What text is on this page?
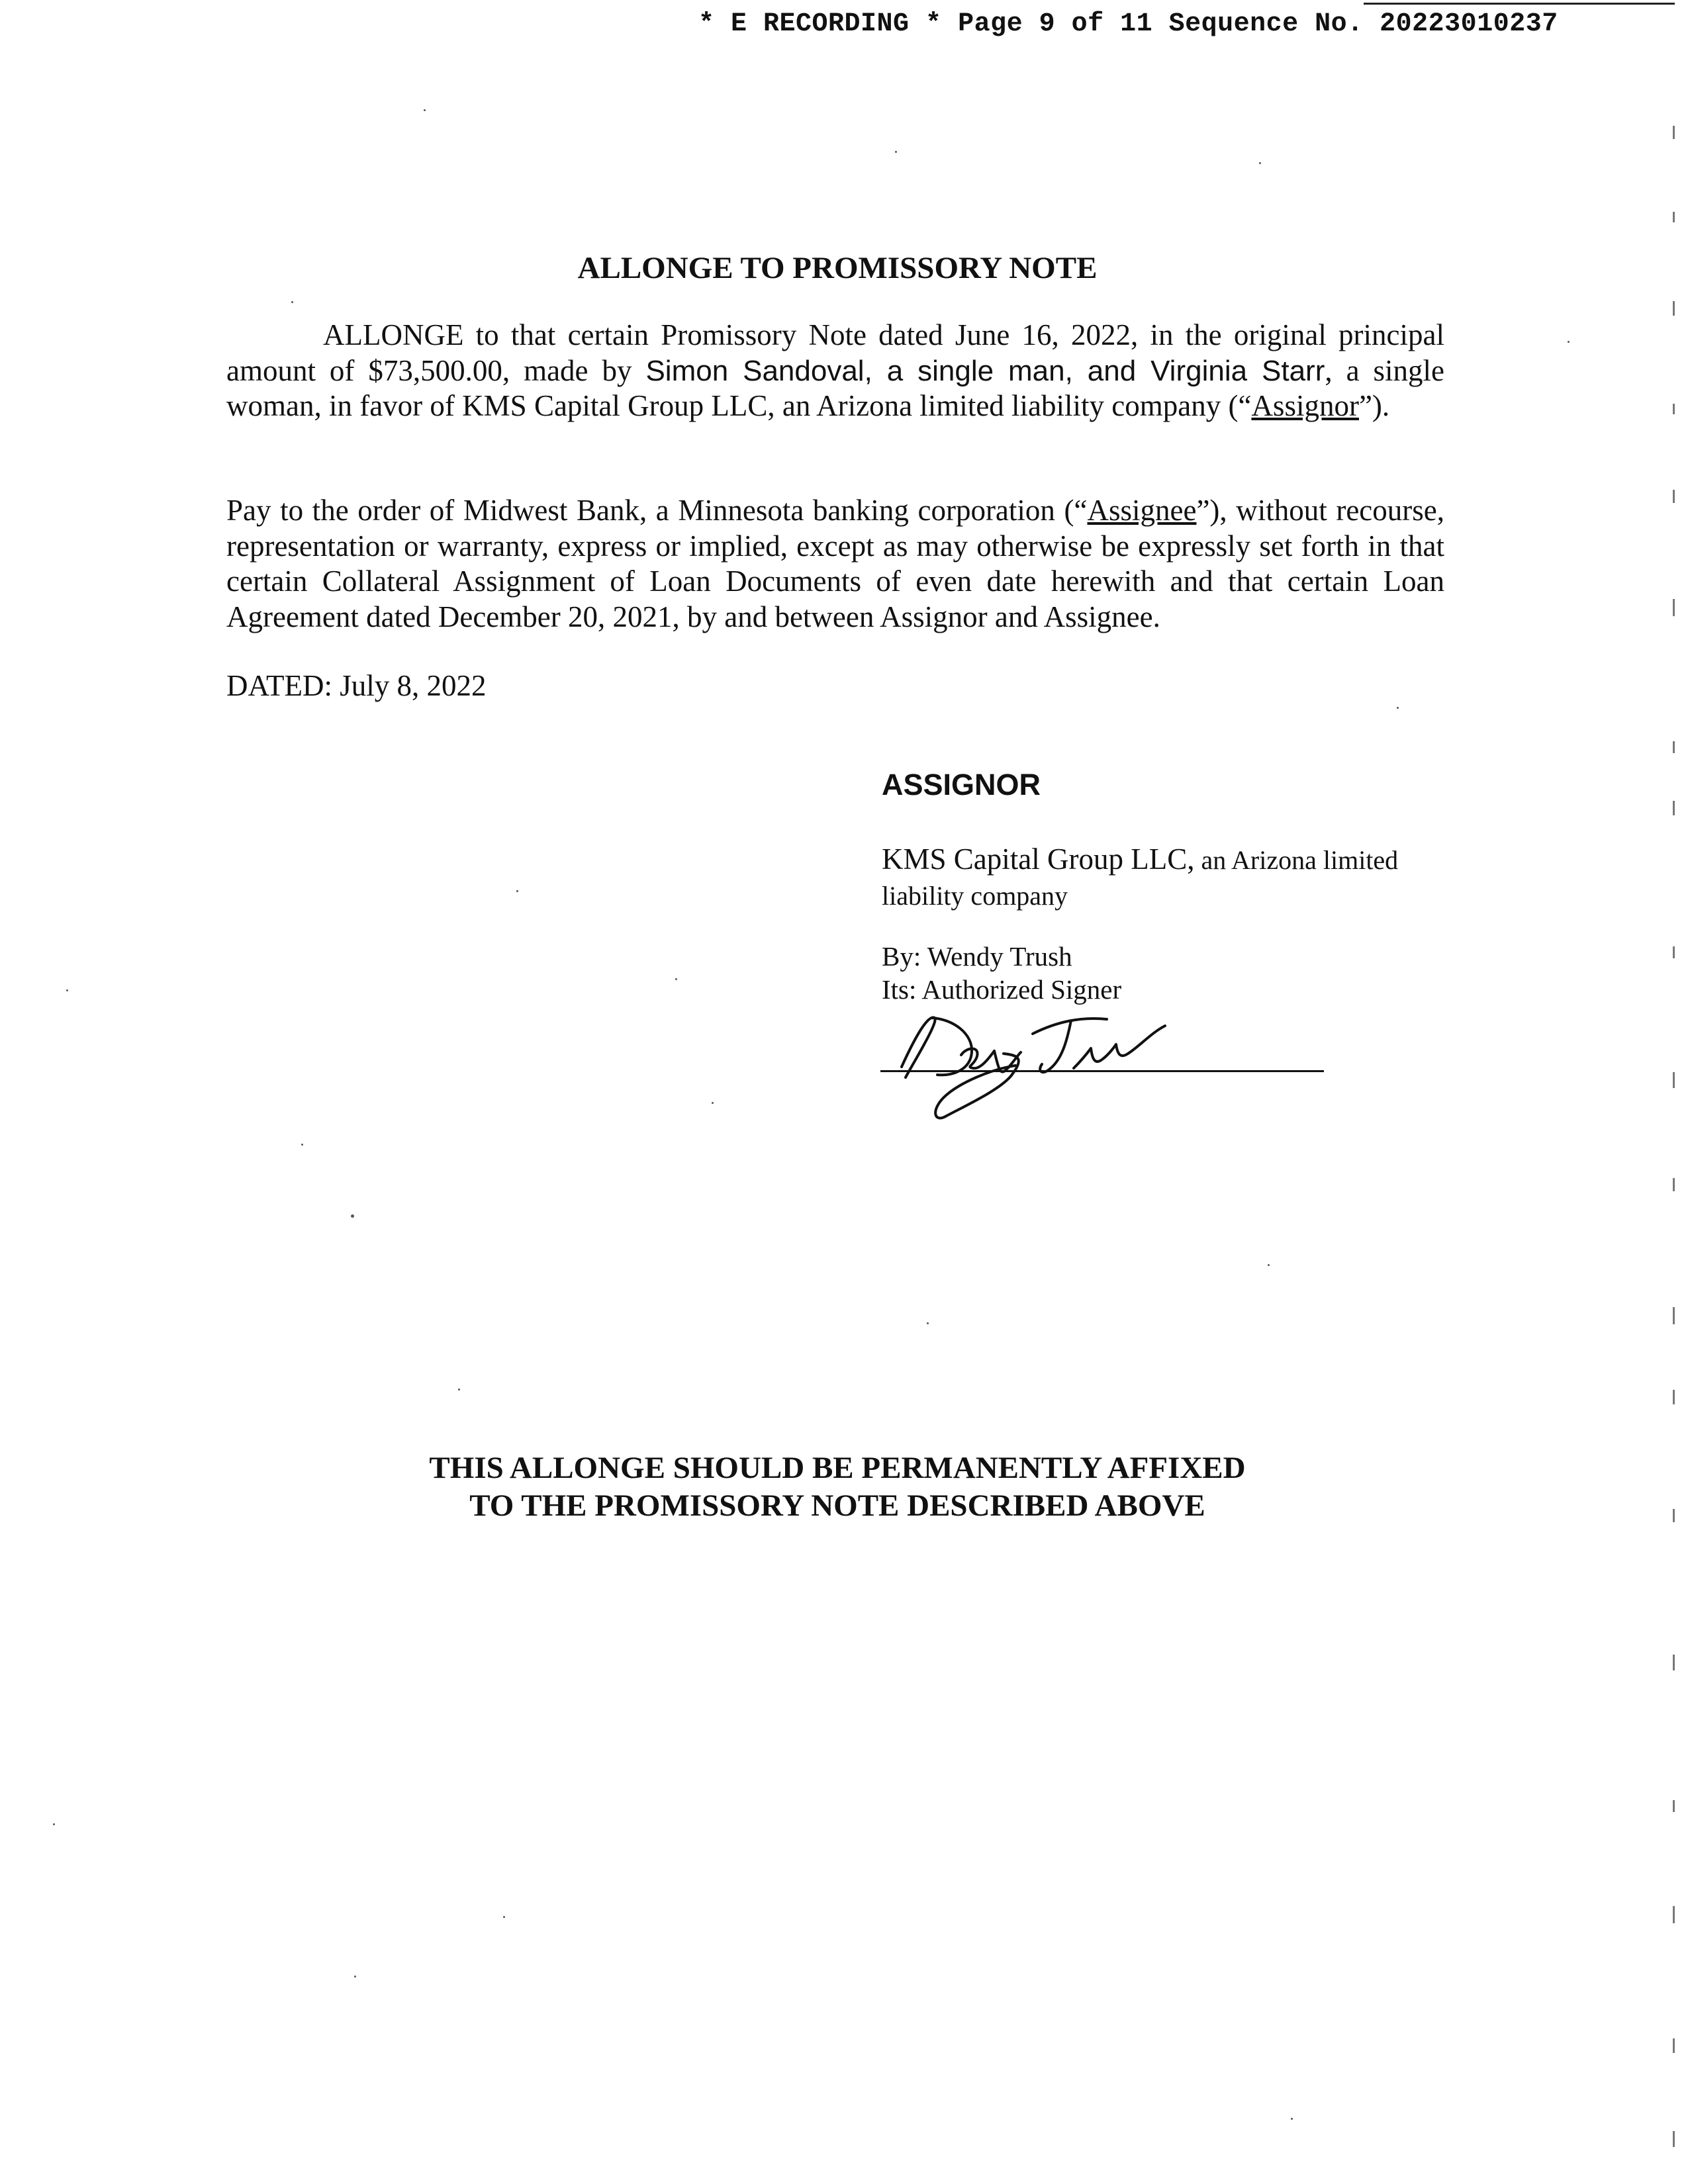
* E RECORDING * Page 9 of 11 Sequence No. 20223010237
ALLONGE TO PROMISSORY NOTE
ALLONGE to that certain Promissory Note dated June 16, 2022, in the original principal amount of $73,500.00, made by Simon Sandoval, a single man, and Virginia Starr, a single woman, in favor of KMS Capital Group LLC, an Arizona limited liability company (“Assignor”).
Pay to the order of Midwest Bank, a Minnesota banking corporation (“Assignee”), without recourse, representation or warranty, express or implied, except as may otherwise be expressly set forth in that certain Collateral Assignment of Loan Documents of even date herewith and that certain Loan Agreement dated December 20, 2021, by and between Assignor and Assignee.
DATED: July 8, 2022
ASSIGNOR
KMS Capital Group LLC, an Arizona limited liability company
By: Wendy Trush
Its: Authorized Signer
THIS ALLONGE SHOULD BE PERMANENTLY AFFIXED
TO THE PROMISSORY NOTE DESCRIBED ABOVE
